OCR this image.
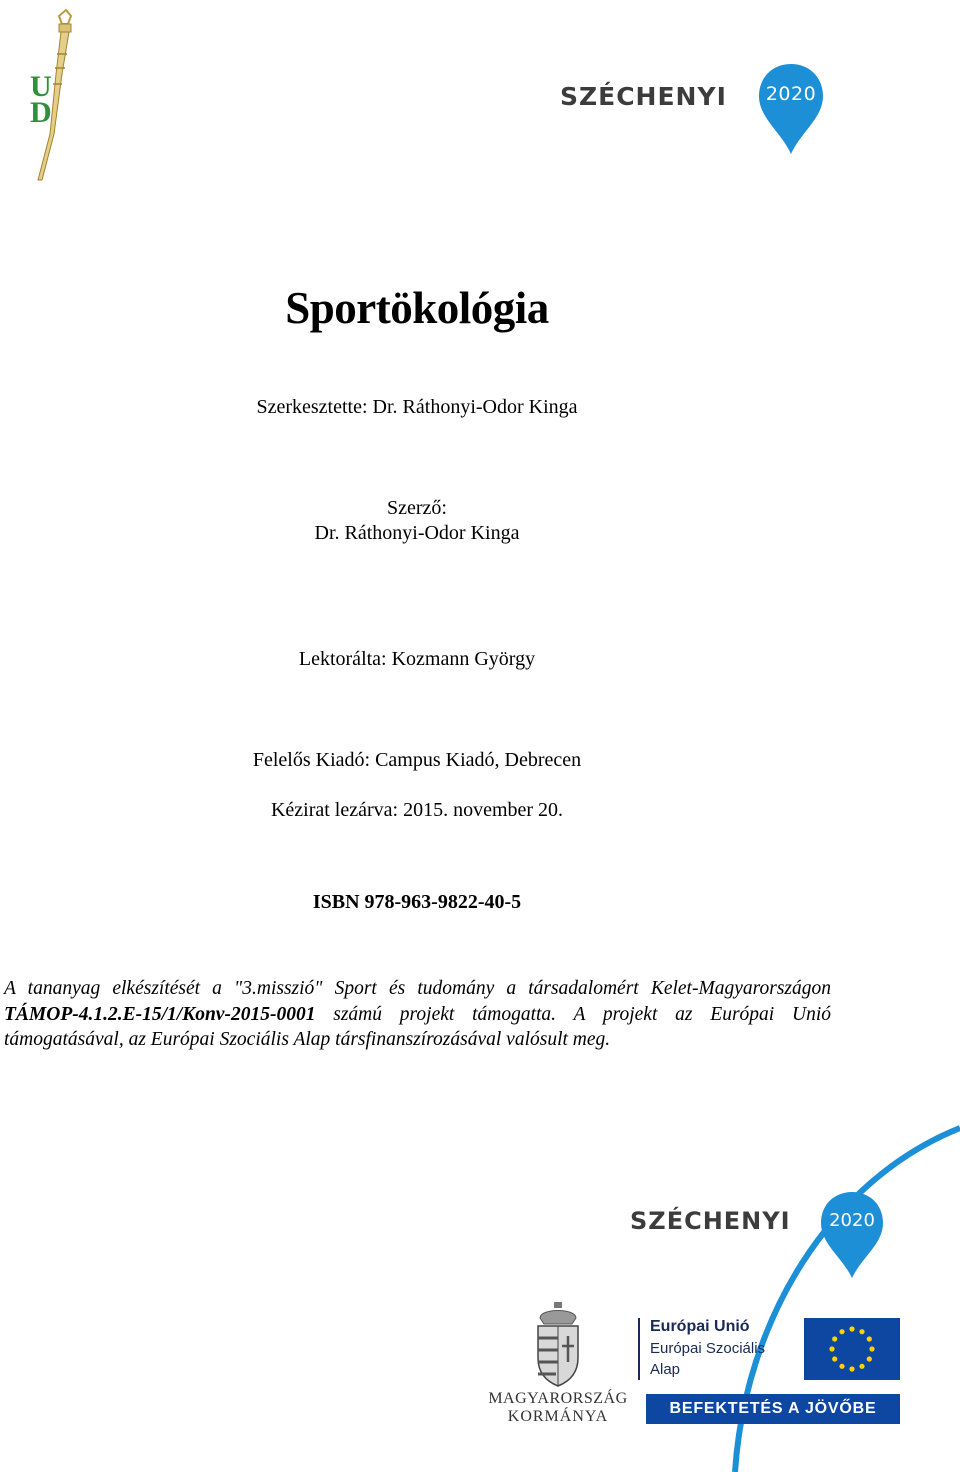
UD	SZÉCHENYI 2020
Sportökológia
Szerkesztette: Dr. Ráthonyi-Odor Kinga
Szerző:
Dr. Ráthonyi-Odor Kinga
Lektorálta: Kozmann György
Felelős Kiadó: Campus Kiadó, Debrecen
Kézirat lezárva: 2015. november 20.
ISBN 978-963-9822-40-5
A tananyag elkészítését a "3.misszió" Sport és tudomány a társadalomért Kelet-Magyarországon TÁMOP-4.1.2.E-15/1/Konv-2015-0001 számú projekt támogatta. A projekt az Európai Unió támogatásával, az Európai Szociális Alap társfinanszírozásával valósult meg.
SZÉCHENYI	2020
MAGYARORSZÁG
KORMÁNYA
Európai Unió
Európai Szociális
Alap
BEFEKTETÉS A JÖVŐBE
